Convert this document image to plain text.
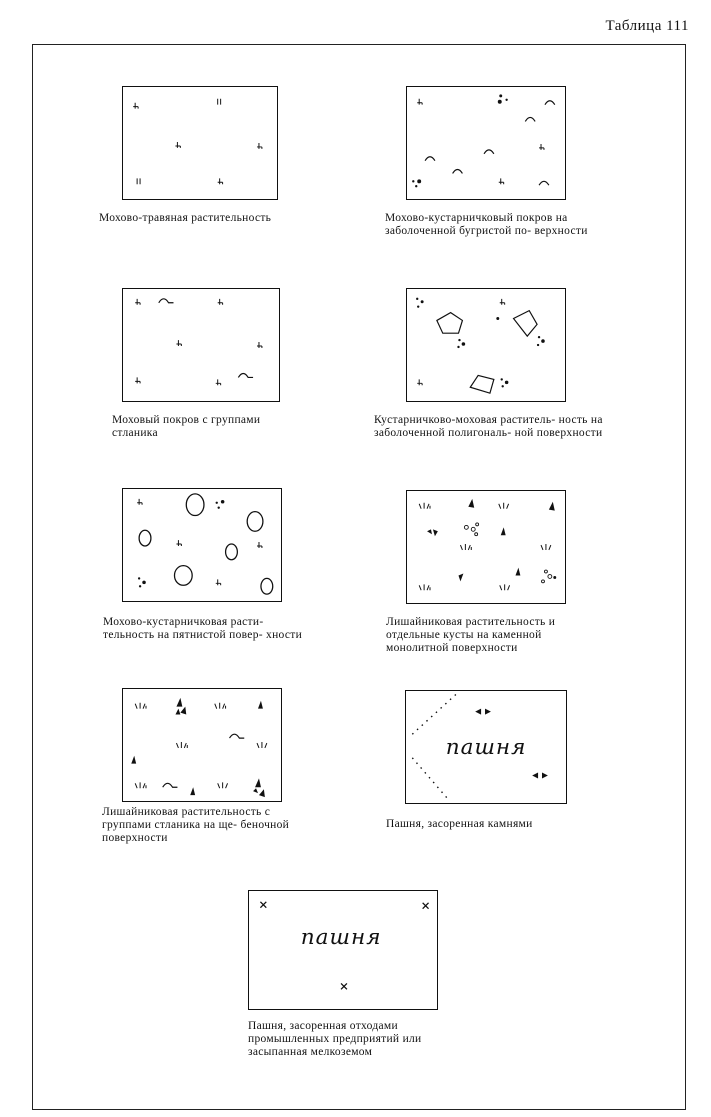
Таблица 111
Мохово-травяная растительность	Мохово-кустарничковый покров на заболоченной бугристой по- верхности
Моховый покров с группами стланика
Кустарничково-моховая раститель- ность на заболоченной полигональ- ной поверхности
Мохово-кустарничковая расти- тельность на пятнистой повер- хности
Лишайниковая растительность и отдельные кусты на каменной монолитной поверхности
Лишайниковая растительность с группами стланика на ще- беночной поверхности
пашня
Пашня, засоренная камнями
пашня
Пашня, засоренная отходами промышленных предприятий или засыпанная мелкоземом
